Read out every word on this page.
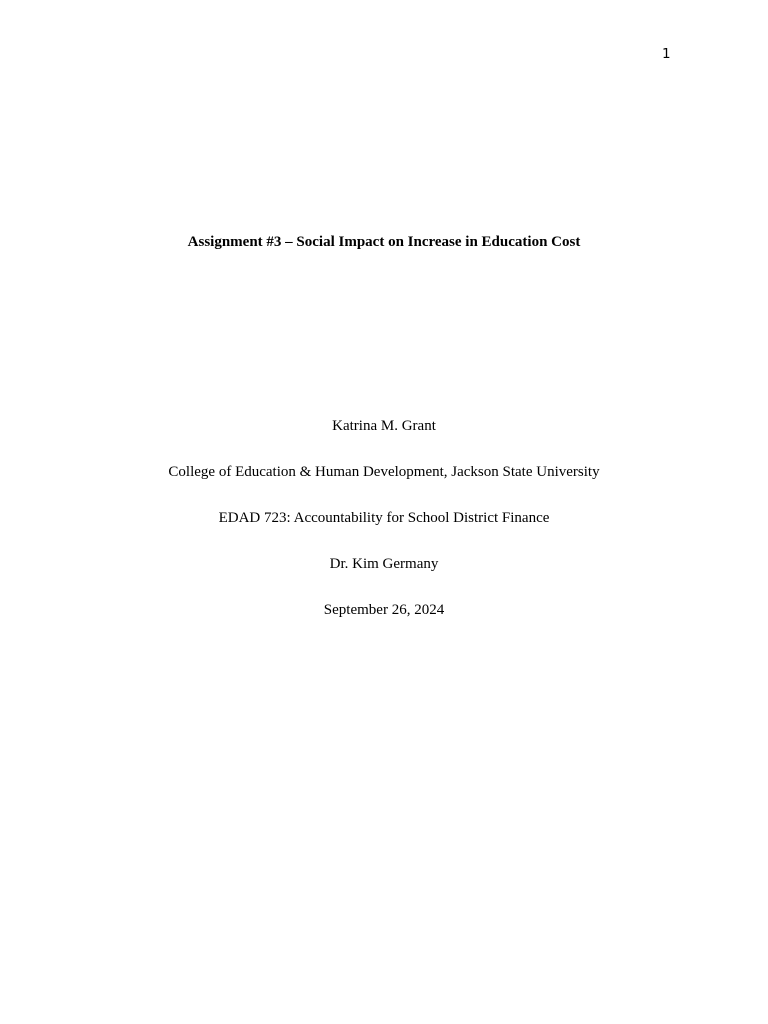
1
Assignment #3 – Social Impact on Increase in Education Cost
Katrina M. Grant
College of Education & Human Development, Jackson State University
EDAD 723: Accountability for School District Finance
Dr. Kim Germany
September 26, 2024
